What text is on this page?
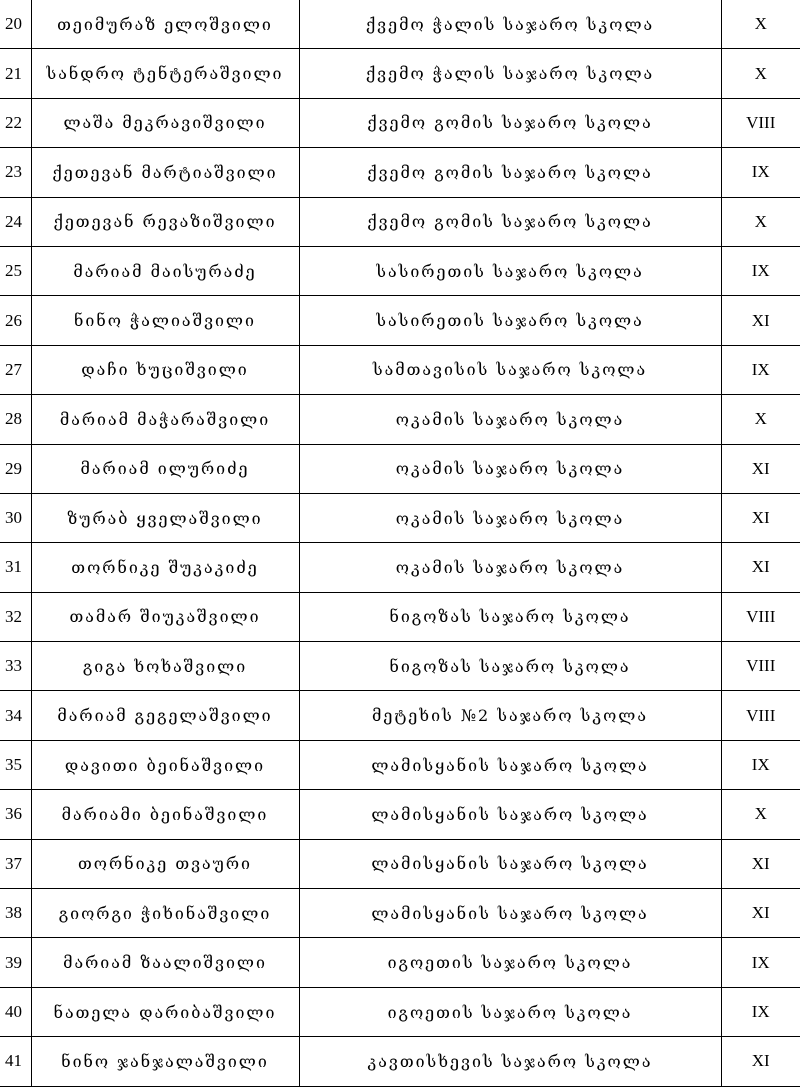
20	თეიმურაზ ელოშვილი	ქვემო ჭალის საჯარო სკოლა	X
21	სანდრო ტენტერაშვილი	ქვემო ჭალის საჯარო სკოლა	X
22	ლაშა მეკრავიშვილი	ქვემო გომის საჯარო სკოლა	VIII
23	ქეთევან მარტიაშვილი	ქვემო გომის საჯარო სკოლა	IX
24	ქეთევან რევაზიშვილი	ქვემო გომის საჯარო სკოლა	X
25	მარიამ მაისურაძე	სასირეთის საჯარო სკოლა	IX
26	ნინო ჭალიაშვილი	სასირეთის საჯარო სკოლა	XI
27	დაჩი ხუციშვილი	სამთავისის საჯარო სკოლა	IX
28	მარიამ მაჭარაშვილი	ოკამის საჯარო სკოლა	X
29	მარიამ ილურიძე	ოკამის საჯარო სკოლა	XI
30	ზურაბ ყველაშვილი	ოკამის საჯარო სკოლა	XI
31	თორნიკე შუკაკიძე	ოკამის საჯარო სკოლა	XI
32	თამარ შიუკაშვილი	ნიგოზას საჯარო სკოლა	VIII
33	გიგა ხოხაშვილი	ნიგოზას საჯარო სკოლა	VIII
34	მარიამ გეგელაშვილი	მეტეხის №2 საჯარო სკოლა	VIII
35	დავითი ბეინაშვილი	ლამისყანის საჯარო სკოლა	IX
36	მარიამი ბეინაშვილი	ლამისყანის საჯარო სკოლა	X
37	თორნიკე თვაური	ლამისყანის საჯარო სკოლა	XI
38	გიორგი ჭიხინაშვილი	ლამისყანის საჯარო სკოლა	XI
39	მარიამ ზაალიშვილი	იგოეთის საჯარო სკოლა	IX
40	ნათელა დარიბაშვილი	იგოეთის საჯარო სკოლა	IX
41	ნინო ჯანჯალაშვილი	კავთისხევის საჯარო სკოლა	XI
